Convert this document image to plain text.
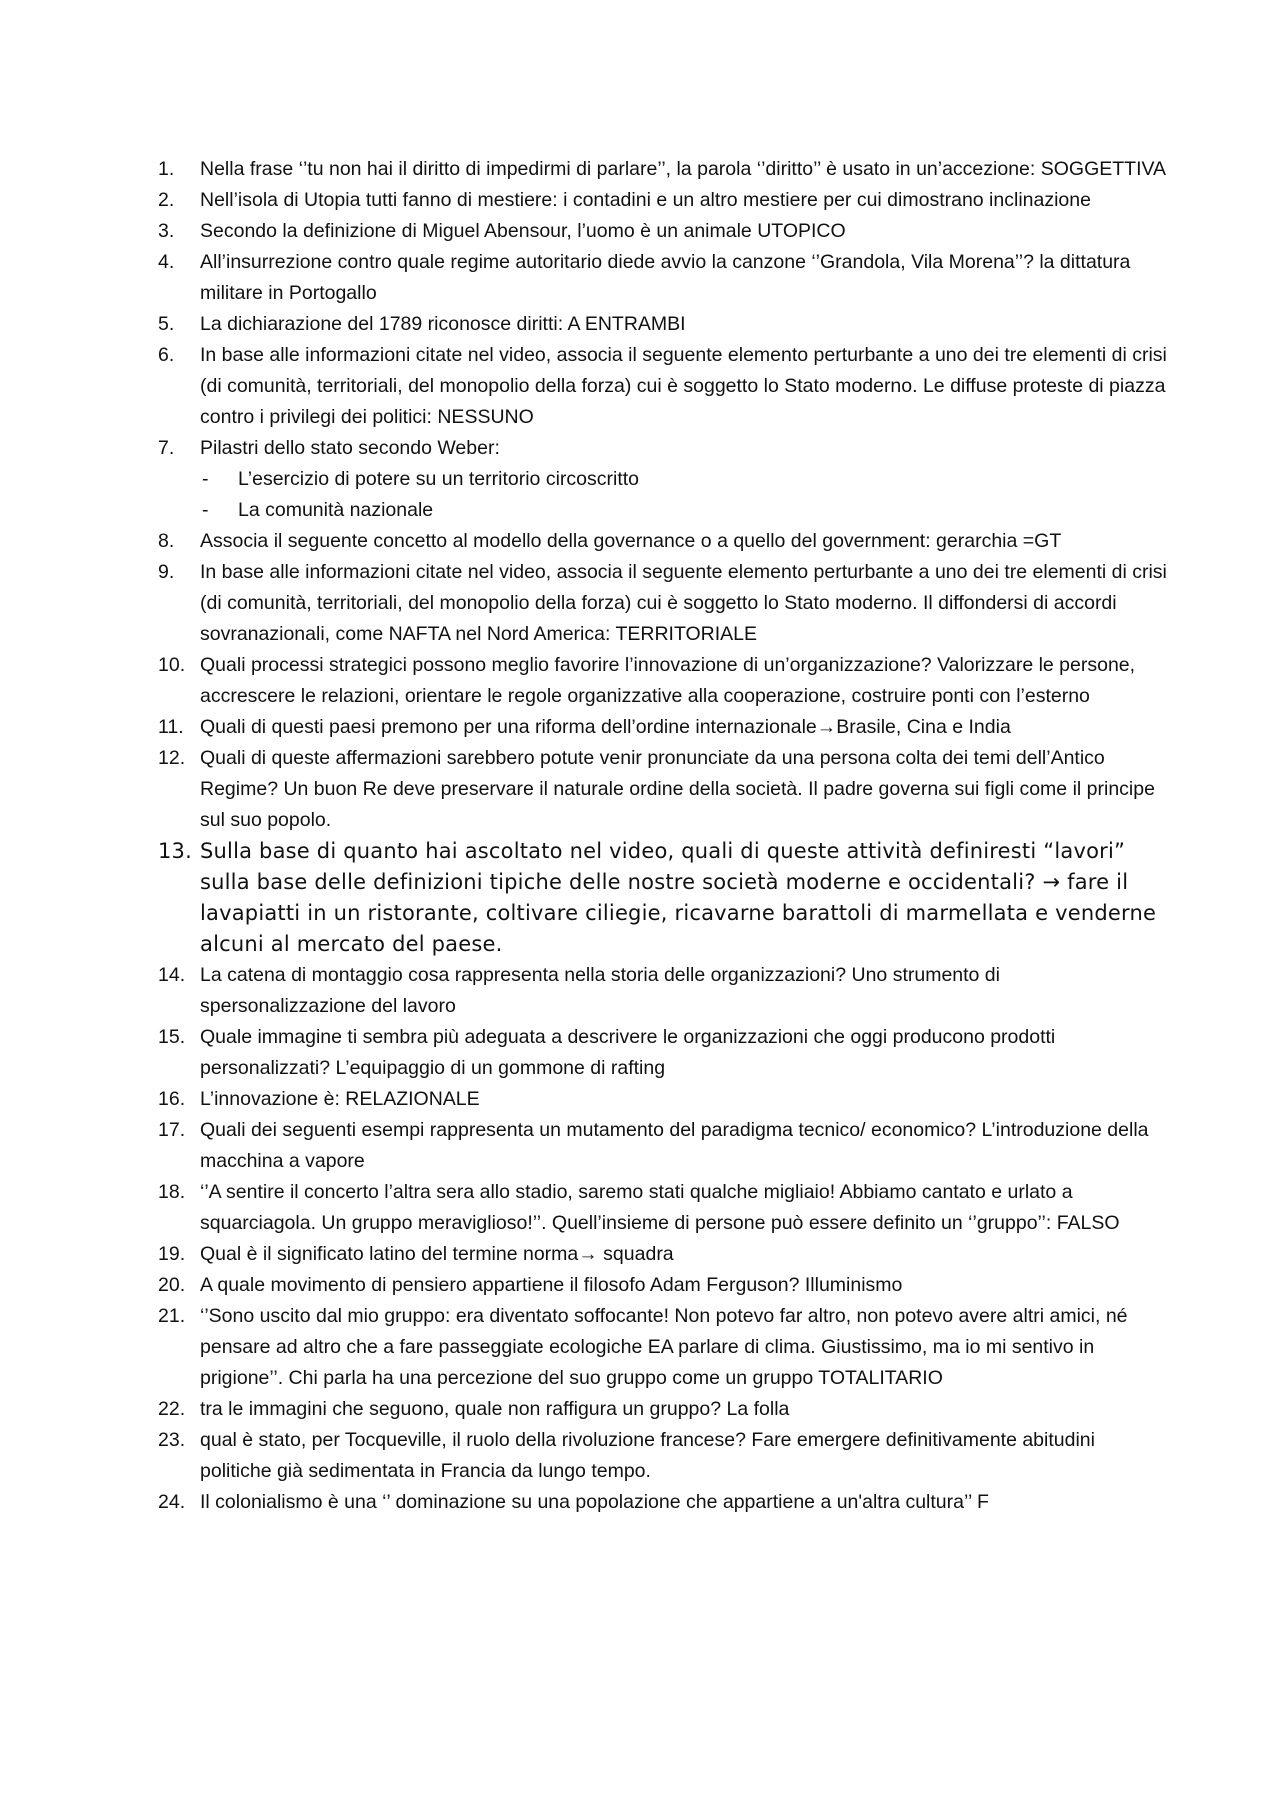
1.	Nella frase ‘’tu non hai il diritto di impedirmi di parlare’’, la parola ‘’diritto’’ è usato in un’accezione: SOGGETTIVA
2.	Nell’isola di Utopia tutti fanno di mestiere: i contadini e un altro mestiere per cui dimostrano inclinazione
3.	Secondo la definizione di Miguel Abensour, l’uomo è un animale UTOPICO
4.	All’insurrezione contro quale regime autoritario diede avvio la canzone ‘’Grandola, Vila Morena’’? la dittatura militare in Portogallo
5.	La dichiarazione del 1789 riconosce diritti: A ENTRAMBI
6.	In base alle informazioni citate nel video, associa il seguente elemento perturbante a uno dei tre elementi di crisi (di comunità, territoriali, del monopolio della forza) cui è soggetto lo Stato moderno. Le diffuse proteste di piazza contro i privilegi dei politici: NESSUNO
7.	Pilastri dello stato secondo Weber:
- L’esercizio di potere su un territorio circoscritto
- La comunità nazionale
8.	Associa il seguente concetto al modello della governance o a quello del government: gerarchia =GT
9.	In base alle informazioni citate nel video, associa il seguente elemento perturbante a uno dei tre elementi di crisi (di comunità, territoriali, del monopolio della forza) cui è soggetto lo Stato moderno. Il diffondersi di accordi sovranazionali, come NAFTA nel Nord America: TERRITORIALE
10. Quali processi strategici possono meglio favorire l’innovazione di un’organizzazione? Valorizzare le persone, accrescere le relazioni, orientare le regole organizzative alla cooperazione, costruire ponti con l’esterno
11. Quali di questi paesi premono per una riforma dell’ordine internazionale→Brasile, Cina e India
12. Quali di queste affermazioni sarebbero potute venir pronunciate da una persona colta dei temi dell’Antico Regime? Un buon Re deve preservare il naturale ordine della società. Il padre governa sui figli come il principe sul suo popolo.
13. Sulla base di quanto hai ascoltato nel video, quali di queste attività definiresti “lavori” sulla base delle definizioni tipiche delle nostre società moderne e occidentali? → fare il lavapiatti in un ristorante, coltivare ciliegie, ricavarne barattoli di marmellata e venderne alcuni al mercato del paese.
14. La catena di montaggio cosa rappresenta nella storia delle organizzazioni? Uno strumento di spersonalizzazione del lavoro
15. Quale immagine ti sembra più adeguata a descrivere le organizzazioni che oggi producono prodotti personalizzati? L’equipaggio di un gommone di rafting
16. L’innovazione è: RELAZIONALE
17. Quali dei seguenti esempi rappresenta un mutamento del paradigma tecnico/ economico? L’introduzione della macchina a vapore
18. ‘’A sentire il concerto l’altra sera allo stadio, saremo stati qualche migliaio! Abbiamo cantato e urlato a squarciagola. Un gruppo meraviglioso!’’. Quell’insieme di persone può essere definito un ‘’gruppo’’: FALSO
19. Qual è il significato latino del termine norma→ squadra
20. A quale movimento di pensiero appartiene il filosofo Adam Ferguson? Illuminismo
21. ‘’Sono uscito dal mio gruppo: era diventato soffocante! Non potevo far altro, non potevo avere altri amici, né pensare ad altro che a fare passeggiate ecologiche EA parlare di clima. Giustissimo, ma io mi sentivo in prigione’’. Chi parla ha una percezione del suo gruppo come un gruppo TOTALITARIO
22. tra le immagini che seguono, quale non raffigura un gruppo? La folla
23. qual è stato, per Tocqueville, il ruolo della rivoluzione francese? Fare emergere definitivamente abitudini politiche già sedimentata in Francia da lungo tempo.
24. Il colonialismo è una ‘’ dominazione su una popolazione che appartiene a un'altra cultura’’ F
